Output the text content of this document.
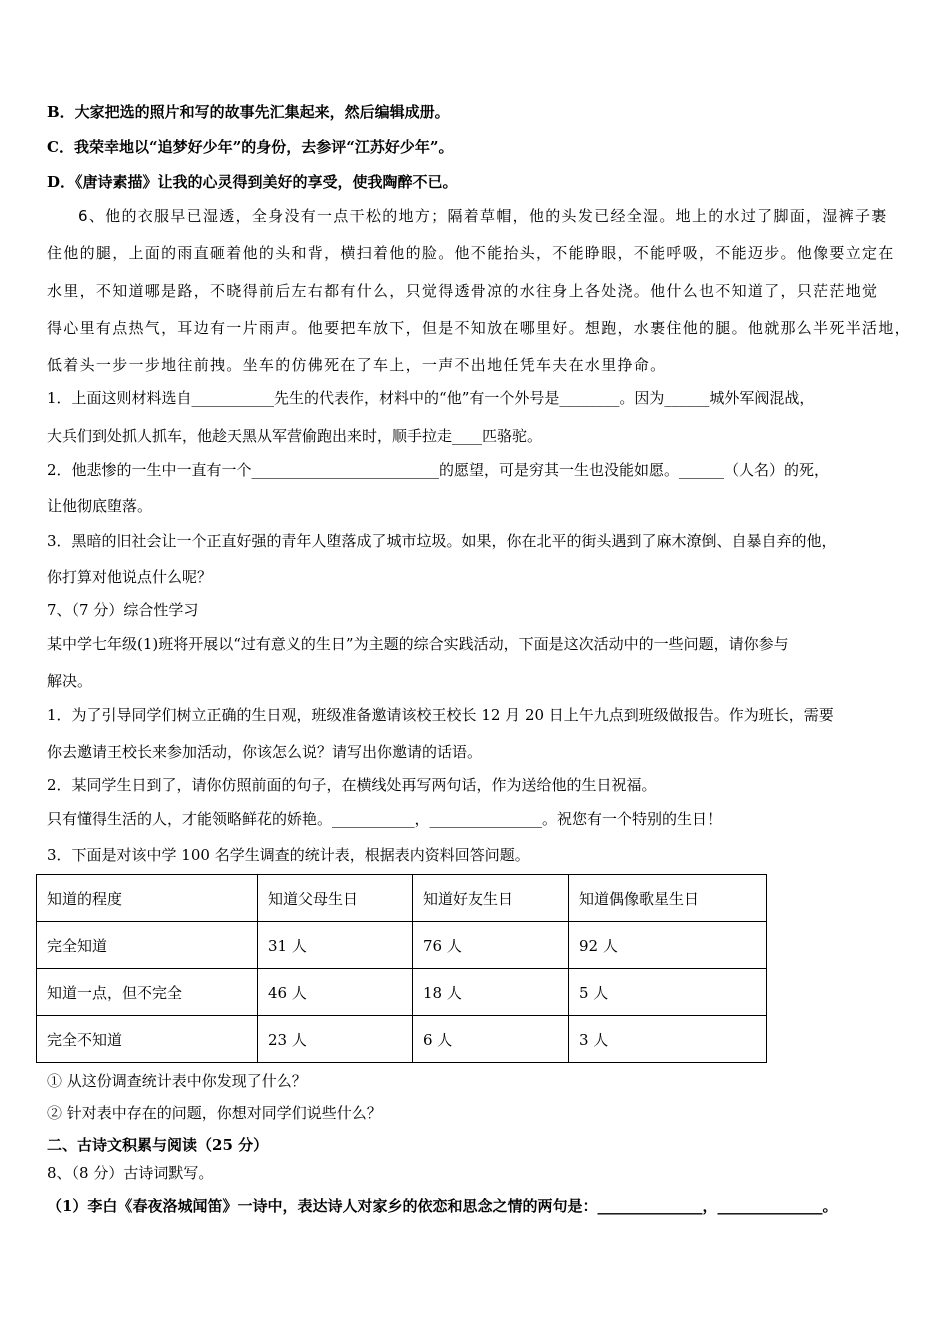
B．大家把选的照片和写的故事先汇集起来，然后编辑成册。
C．我荣幸地以“追梦好少年”的身份，去参评“江苏好少年”。
D．《唐诗素描》让我的心灵得到美好的享受，使我陶醉不已。
6、他的衣服早已湿透，全身没有一点干松的地方；隔着草帽，他的头发已经全湿。地上的水过了脚面，湿裤子裹
住他的腿，上面的雨直砸着他的头和背，横扫着他的脸。他不能抬头，不能睁眼，不能呼吸，不能迈步。他像要立定在
水里，不知道哪是路，不晓得前后左右都有什么，只觉得透骨凉的水往身上各处浇。他什么也不知道了，只茫茫地觉
得心里有点热气，耳边有一片雨声。他要把车放下，但是不知放在哪里好。想跑，水裹住他的腿。他就那么半死半活地，
低着头一步一步地往前拽。坐车的仿佛死在了车上，一声不出地任凭车夫在水里挣命。
1．上面这则材料选自___________先生的代表作，材料中的“他”有一个外号是________。因为______城外军阀混战，
大兵们到处抓人抓车，他趁天黑从军营偷跑出来时，顺手拉走____匹骆驼。
2．他悲惨的一生中一直有一个_________________________的愿望，可是穷其一生也没能如愿。______（人名）的死，
让他彻底堕落。
3．黑暗的旧社会让一个正直好强的青年人堕落成了城市垃圾。如果，你在北平的街头遇到了麻木潦倒、自暴自弃的他，
你打算对他说点什么呢？
7、（7 分）综合性学习
某中学七年级(1)班将开展以“过有意义的生日”为主题的综合实践活动，下面是这次活动中的一些问题，请你参与
解决。
1．为了引导同学们树立正确的生日观，班级准备邀请该校王校长 12 月 20 日上午九点到班级做报告。作为班长，需要
你去邀请王校长来参加活动，你该怎么说？请写出你邀请的话语。
2．某同学生日到了，请你仿照前面的句子，在横线处再写两句话，作为送给他的生日祝福。
只有懂得生活的人，才能领略鲜花的娇艳。___________，_______________。祝您有一个特别的生日！
3．下面是对该中学 100 名学生调查的统计表，根据表内资料回答问题。
知道的程度	知道父母生日	知道好友生日	知道偶像歌星生日
完全知道	31 人	76 人	92 人
知道一点，但不完全	46 人	18 人	5 人
完全不知道	23 人	6 人	3 人
① 从这份调查统计表中你发现了什么？
② 针对表中存在的问题，你想对同学们说些什么？
二、古诗文积累与阅读（25 分）
8、（8 分）古诗词默写。
（1）李白《春夜洛城闻笛》一诗中，表达诗人对家乡的依恋和思念之情的两句是：______________，______________。
